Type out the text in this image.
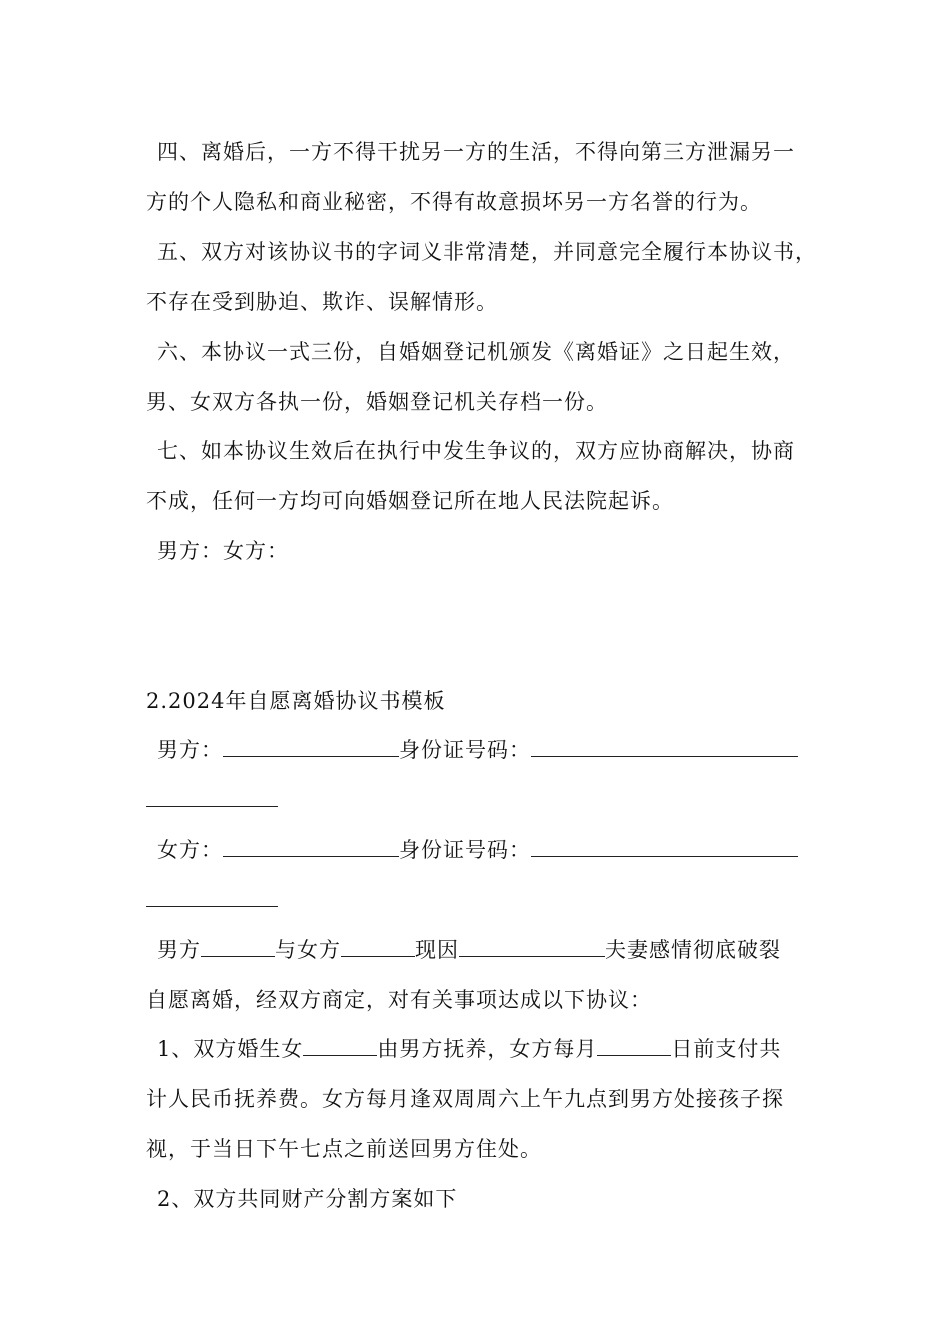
四、离婚后，一方不得干扰另一方的生活，不得向第三方泄漏另一
方的个人隐私和商业秘密，不得有故意损坏另一方名誉的行为。
五、双方对该协议书的字词义非常清楚，并同意完全履行本协议书，
不存在受到胁迫、欺诈、误解情形。
六、本协议一式三份，自婚姻登记机颁发《离婚证》之日起生效，
男、女双方各执一份，婚姻登记机关存档一份。
七、如本协议生效后在执行中发生争议的，双方应协商解决，协商
不成，任何一方均可向婚姻登记所在地人民法院起诉。
男方：女方：
2.2024年自愿离婚协议书模板
男方：	身份证号码：
女方：	身份证号码：
男方	与女方	现因	夫妻感情彻底破裂
自愿离婚，经双方商定，对有关事项达成以下协议：
1、双方婚生女	由男方抚养，女方每月	日前支付共
计人民币抚养费。女方每月逢双周周六上午九点到男方处接孩子探
视，于当日下午七点之前送回男方住处。
2、双方共同财产分割方案如下
